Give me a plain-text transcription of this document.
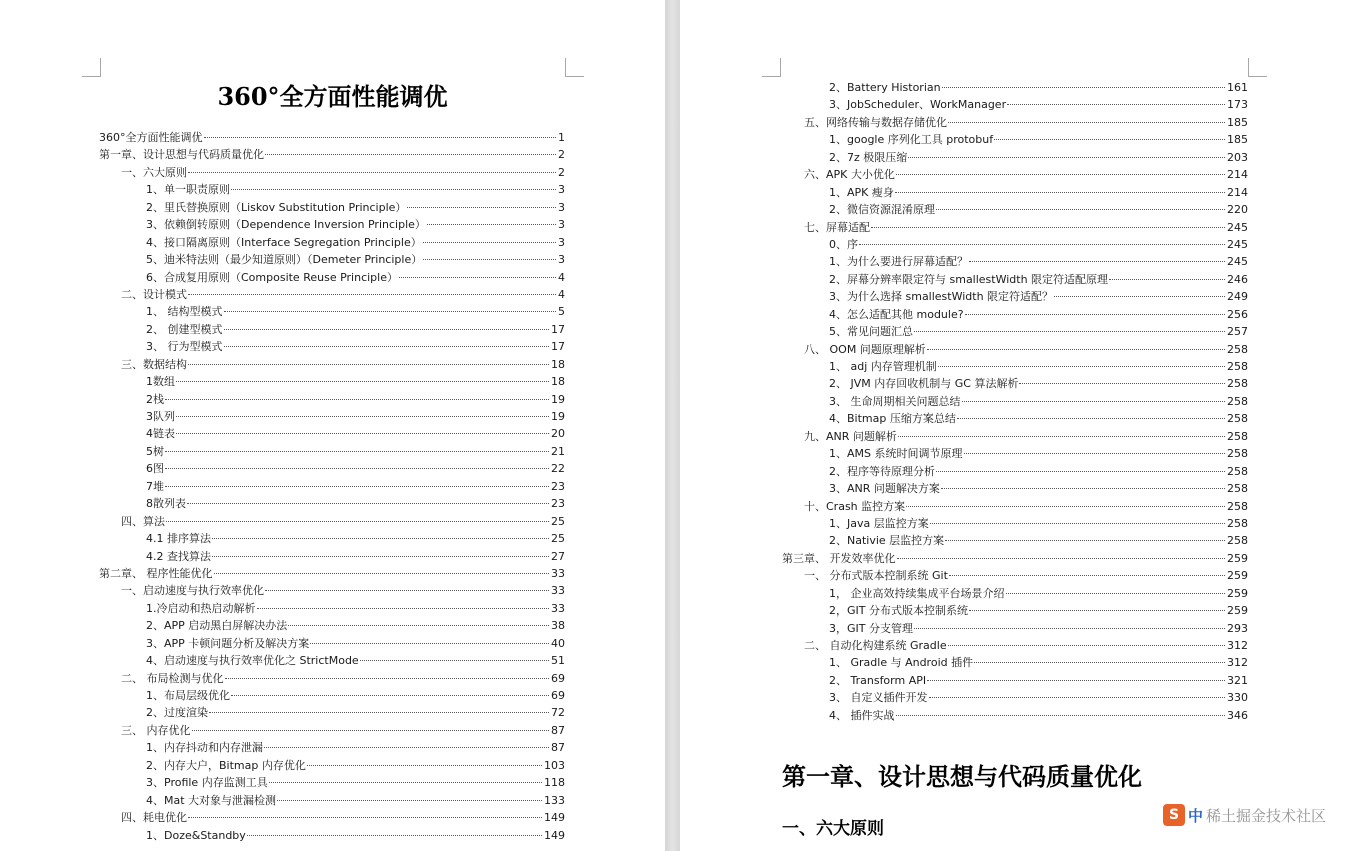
360°全方面性能调优
360°全方面性能调优	1
第一章、设计思想与代码质量优化	2
一、六大原则	2
1、单一职责原则	3
2、里氏替换原则（Liskov Substitution Principle）	3
3、依赖倒转原则（Dependence Inversion Principle）	3
4、接口隔离原则（Interface Segregation Principle）	3
5、迪米特法则（最少知道原则）（Demeter Principle）	3
6、合成复用原则（Composite Reuse Principle）	4
二、设计模式	4
1、 结构型模式	5
2、 创建型模式	17
3、 行为型模式	17
三、数据结构	18
1数组	18
2栈	19
3队列	19
4链表	20
5树	21
6图	22
7堆	23
8散列表	23
四、算法	25
4.1 排序算法	25
4.2 查找算法	27
第二章、 程序性能优化	33
一、启动速度与执行效率优化	33
1.冷启动和热启动解析	33
2、APP 启动黑白屏解决办法	38
3、APP 卡顿问题分析及解决方案	40
4、启动速度与执行效率优化之 StrictMode	51
二、 布局检测与优化	69
1、布局层级优化	69
2、过度渲染	72
三、 内存优化	87
1、内存抖动和内存泄漏	87
2、内存大户，Bitmap 内存优化	103
3、Profile 内存监测工具	118
4、Mat 大对象与泄漏检测	133
四、耗电优化	149
1、Doze&Standby	149
2、Battery Historian	161
3、JobScheduler、WorkManager	173
五、网络传输与数据存储优化	185
1、google 序列化工具 protobuf	185
2、7z 极限压缩	203
六、APK 大小优化	214
1、APK 瘦身	214
2、微信资源混淆原理	220
七、屏幕适配	245
0、序	245
1、为什么要进行屏幕适配？	245
2、屏幕分辨率限定符与 smallestWidth 限定符适配原理	246
3、为什么选择 smallestWidth 限定符适配？	249
4、怎么适配其他 module?	256
5、常见问题汇总	257
八、 OOM 问题原理解析	258
1、 adj 内存管理机制	258
2、 JVM 内存回收机制与 GC 算法解析	258
3、 生命周期相关问题总结	258
4、Bitmap 压缩方案总结	258
九、ANR 问题解析	258
1、AMS 系统时间调节原理	258
2、程序等待原理分析	258
3、ANR 问题解决方案	258
十、Crash 监控方案	258
1、Java 层监控方案	258
2、Nativie 层监控方案	258
第三章、 开发效率优化	259
一、 分布式版本控制系统 Git	259
1， 企业高效持续集成平台场景介绍	259
2，GIT 分布式版本控制系统	259
3，GIT 分支管理	293
二、 自动化构建系统 Gradle	312
1、 Gradle 与 Android 插件	312
2、 Transform API	321
3、 自定义插件开发	330
4、 插件实战	346
第一章、设计思想与代码质量优化
一、六大原则
S 中 稀土掘金技术社区
